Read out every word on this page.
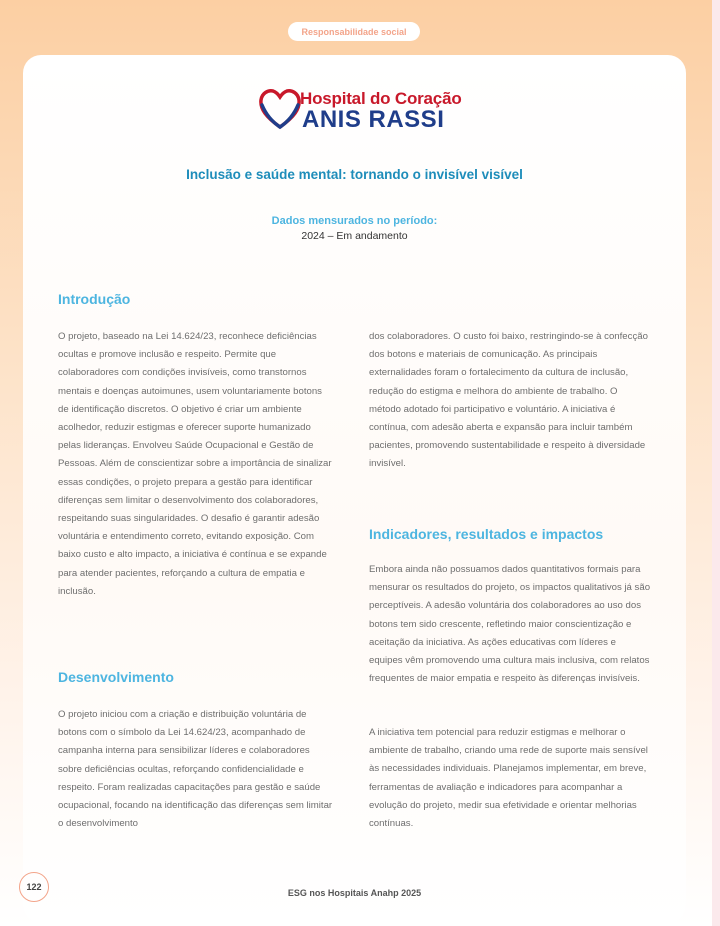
Responsabilidade social
Hospital do Coração
ANIS RASSI
Inclusão e saúde mental: tornando o invisível visível
Dados mensurados no período:
2024 – Em andamento
Introdução

O projeto, baseado na Lei 14.624/23, reconhece deficiências ocultas e promove inclusão e respeito. Permite que colaboradores com condições invisíveis, como transtornos mentais e doenças autoimunes, usem voluntariamente botons de identificação discretos. O objetivo é criar um ambiente acolhedor, reduzir estigmas e oferecer suporte humanizado pelas lideranças. Envolveu Saúde Ocupacional e Gestão de Pessoas. Além de conscientizar sobre a importância de sinalizar essas condições, o projeto prepara a gestão para identificar diferenças sem limitar o desenvolvimento dos colaboradores, respeitando suas singularidades. O desafio é garantir adesão voluntária e entendimento correto, evitando exposição. Com baixo custo e alto impacto, a iniciativa é contínua e se expande para atender pacientes, reforçando a cultura de empatia e inclusão.

Desenvolvimento

O projeto iniciou com a criação e distribuição voluntária de botons com o símbolo da Lei 14.624/23, acompanhado de campanha interna para sensibilizar líderes e colaboradores sobre deficiências ocultas, reforçando confidencialidade e respeito. Foram realizadas capacitações para gestão e saúde ocupacional, focando na identificação das diferenças sem limitar o desenvolvimento

dos colaboradores. O custo foi baixo, restringindo-se à confecção dos botons e materiais de comunicação. As principais externalidades foram o fortalecimento da cultura de inclusão, redução do estigma e melhora do ambiente de trabalho. O método adotado foi participativo e voluntário. A iniciativa é contínua, com adesão aberta e expansão para incluir também pacientes, promovendo sustentabilidade e respeito à diversidade invisível.

Indicadores, resultados e impactos

Embora ainda não possuamos dados quantitativos formais para mensurar os resultados do projeto, os impactos qualitativos já são perceptíveis. A adesão voluntária dos colaboradores ao uso dos botons tem sido crescente, refletindo maior conscientização e aceitação da iniciativa. As ações educativas com líderes e equipes vêm promovendo uma cultura mais inclusiva, com relatos frequentes de maior empatia e respeito às diferenças invisíveis.

A iniciativa tem potencial para reduzir estigmas e melhorar o ambiente de trabalho, criando uma rede de suporte mais sensível às necessidades individuais. Planejamos implementar, em breve, ferramentas de avaliação e indicadores para acompanhar a evolução do projeto, medir sua efetividade e orientar melhorias contínuas.

122
ESG nos Hospitais Anahp 2025
